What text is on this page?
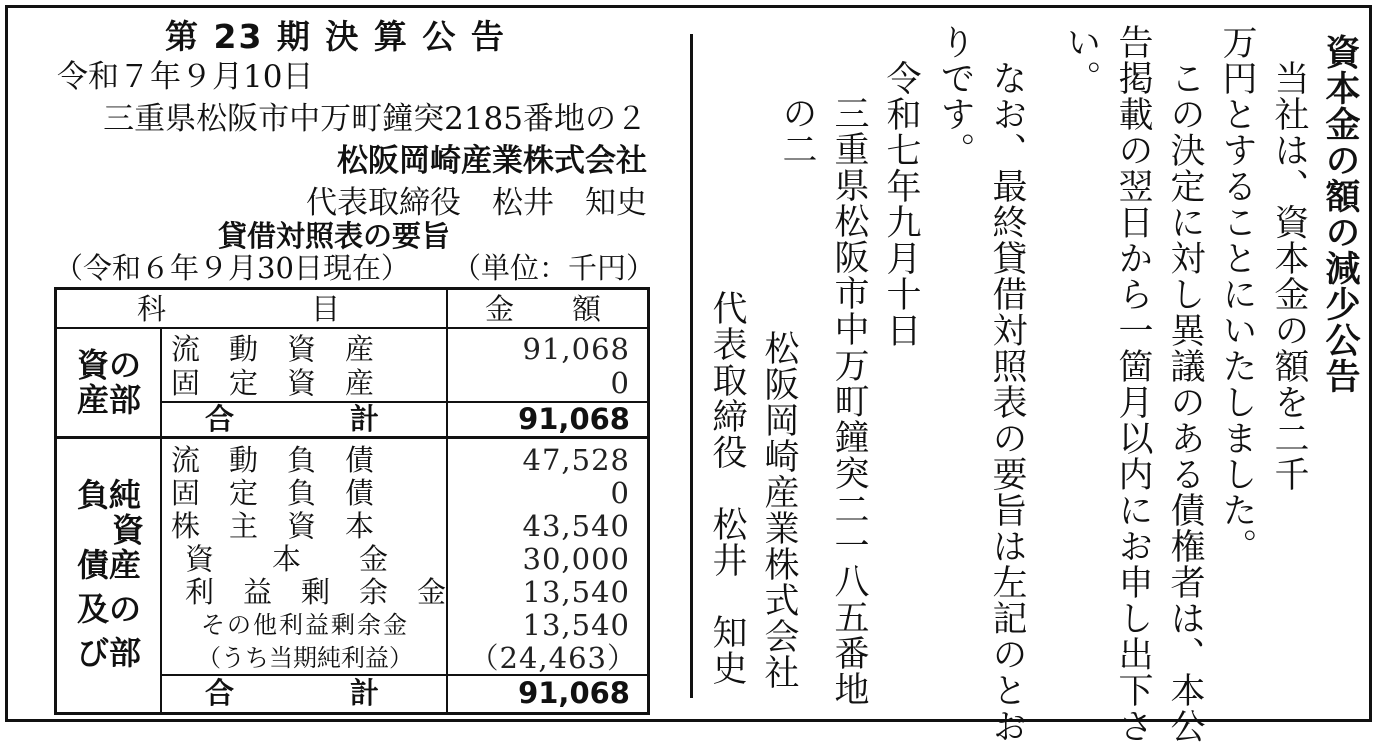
第 23 期 決 算 公 告
令和７年９月10日
三重県松阪市中万町鐘突2185番地の２
松阪岡崎産業株式会社
代表取締役　松井　知史
貸借対照表の要旨
（令和６年９月30日現在） （単位：千円）
科　　　　　目	金　　額
資の
産部
流　動　資　産	91,068
固　定　資　産	0
合　　　　計	91,068
負純
資
債産
及の
び部
流　動　負　債	47,528
固　定　負　債	0
株　主　資　本	43,540
資　　本　　金	30,000
利　益　剰　余　金	13,540
その他利益剰余金	13,540
（うち当期純利益） （24,463）
合　　　　計	91,068
資本金の額の減少公告
当社は、資本金の額を二千
万円とすることにいたしました。
この決定に対し異議のある債権者は、本公
告掲載の翌日から一箇月以内にお申し出下さ
い。
なお、最終貸借対照表の要旨は左記のとお
りです。
令和七年九月十日
三重県松阪市中万町鐘突二一八五番地
の二
松阪岡崎産業株式会社
代表取締役　松井　知史
